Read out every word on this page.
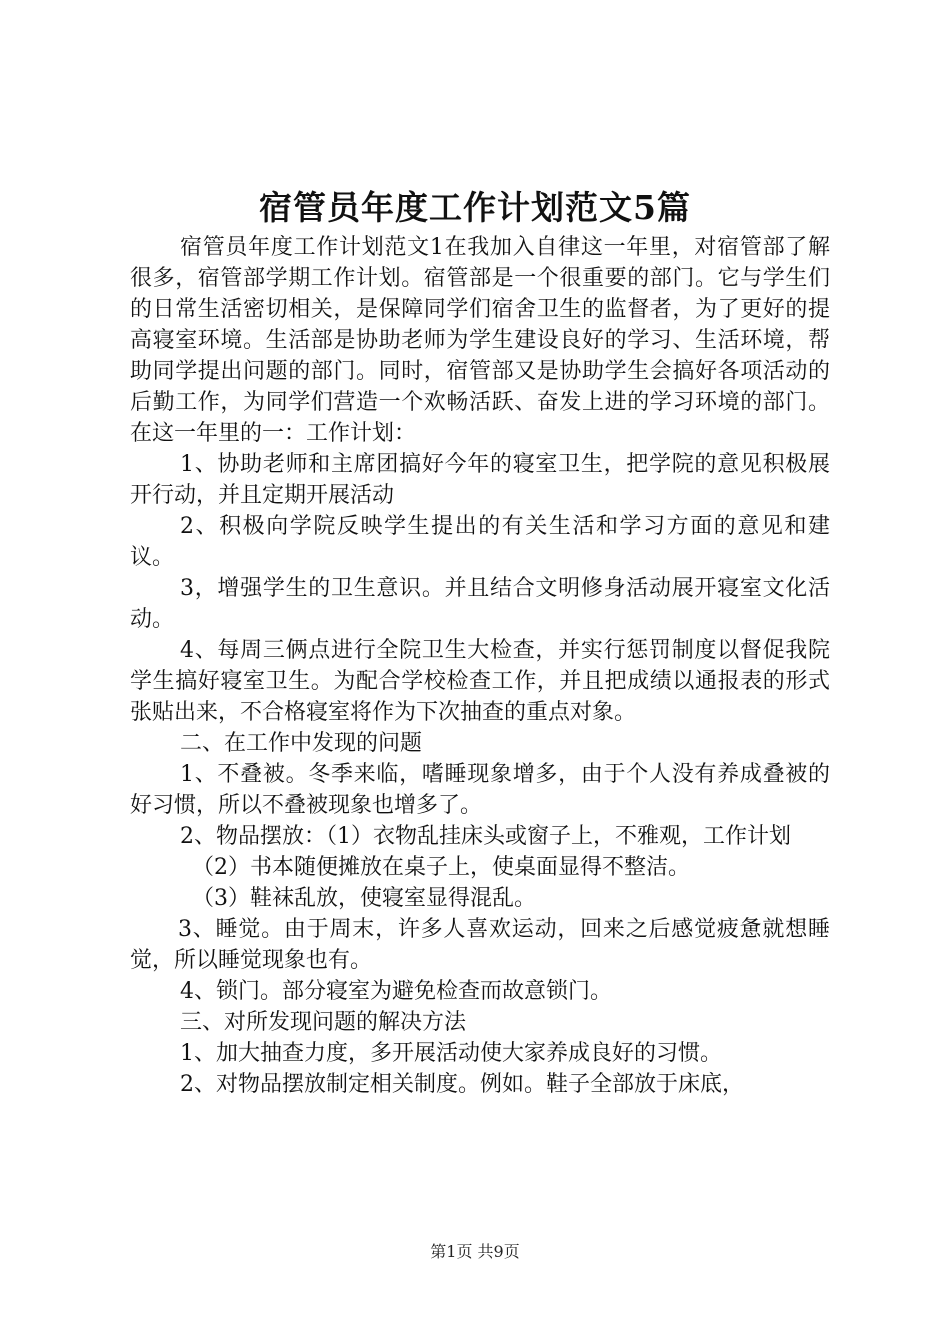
宿管员年度工作计划范文5篇

宿管员年度工作计划范文1在我加入自律这一年里，对宿管部了解很多，宿管部学期工作计划。宿管部是一个很重要的部门。它与学生们的日常生活密切相关，是保障同学们宿舍卫生的监督者，为了更好的提高寝室环境。生活部是协助老师为学生建设良好的学习、生活环境，帮助同学提出问题的部门。同时，宿管部又是协助学生会搞好各项活动的后勤工作，为同学们营造一个欢畅活跃、奋发上进的学习环境的部门。在这一年里的一：工作计划：

1、协助老师和主席团搞好今年的寝室卫生，把学院的意见积极展开行动，并且定期开展活动

2、积极向学院反映学生提出的有关生活和学习方面的意见和建议。

3，增强学生的卫生意识。并且结合文明修身活动展开寝室文化活动。

4、每周三俩点进行全院卫生大检查，并实行惩罚制度以督促我院学生搞好寝室卫生。为配合学校检查工作，并且把成绩以通报表的形式张贴出来，不合格寝室将作为下次抽查的重点对象。

二、在工作中发现的问题

1、不叠被。冬季来临，嗜睡现象增多，由于个人没有养成叠被的好习惯，所以不叠被现象也增多了。

2、物品摆放：（1）衣物乱挂床头或窗子上，不雅观，工作计划

（2）书本随便摊放在桌子上，使桌面显得不整洁。

（3）鞋袜乱放，使寝室显得混乱。

3、睡觉。由于周末，许多人喜欢运动，回来之后感觉疲惫就想睡觉，所以睡觉现象也有。

4、锁门。部分寝室为避免检查而故意锁门。

三、对所发现问题的解决方法

1、加大抽查力度，多开展活动使大家养成良好的习惯。

2、对物品摆放制定相关制度。例如。鞋子全部放于床底，

第1页 共9页
